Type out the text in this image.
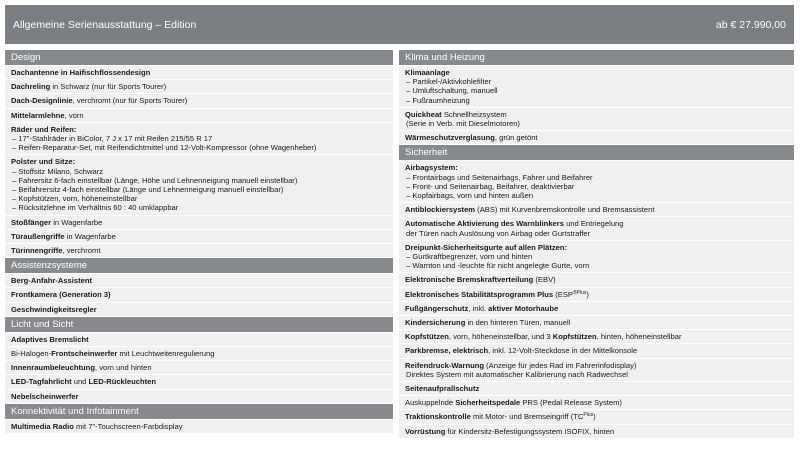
Allgemeine Serienausstattung – Edition	ab € 27.990,00
Design
Dachantenne in Haifischflossendesign
Dachreling in Schwarz (nur für Sports Tourer)
Dach-Designlinie, verchromt (nur für Sports Tourer)
Mittelarmlehne, vorn
Räder und Reifen:
– 17"-Stahlräder in BiColor, 7 J x 17 mit Reifen 215/55 R 17
– Reifen-Reparatur-Set, mit Reifendichtmittel und 12-Volt-Kompressor (ohne Wagenheber)
Polster und Sitze:
– Stoffsitz Milano, Schwarz
– Fahrersitz 6-fach einstellbar (Länge, Höhe und Lehnenneigung manuell einstellbar)
– Beifahrersitz 4-fach einstellbar (Länge und Lehnenneigung manuell einstellbar)
– Kopfstützen, vorn, höheneinstellbar
– Rücksitzlehne im Verhältnis 60 : 40 umklappbar
Stoßfänger in Wagenfarbe
Türaußengriffe in Wagenfarbe
Türinnengriffe, verchromt
Assistenzsysteme
Berg-Anfahr-Assistent
Frontkamera (Generation 3)
Geschwindigkeitsregler
Licht und Sicht
Adaptives Bremslicht
Bi-Halogen-Frontscheinwerfer mit Leuchtweitenregulierung
Innenraumbeleuchtung, vorn und hinten
LED-Tagfahrlicht und LED-Rückleuchten
Nebelscheinwerfer
Konnektivität und Infotainment
Multimedia Radio mit 7"-Touchscreen-Farbdisplay
Klima und Heizung
Klimaanlage
– Partikel-/Aktivkohlefilter
– Umluftschaltung, manuell
– Fußraumheizung
Quickheat Schnellheizsystem
(Serie in Verb. mit Dieselmotoren)
Wärmeschutzverglasung, grün getönt
Sicherheit
Airbagsystem:
– Frontairbags und Seitenairbags, Fahrer und Beifahrer
– Front- und Seitenairbag, Beifahrer, deaktivierbar
– Kopfairbags, vorn und hinten außen
Antiblockiersystem (ABS) mit Kurvenbremskontrolle und Bremsassistent
Automatische Aktivierung des Warnblinkers und Entriegelung
der Türen nach Auslösung von Airbag oder Gurtstraffer
Dreipunkt-Sicherheitsgurte auf allen Plätzen:
– Gurtkraftbegrenzer, vorn und hinten
– Warnton und -leuchte für nicht angelegte Gurte, vorn
Elektronische Bremskraftverteilung (EBV)
Elektronisches Stabilitätsprogramm Plus $(ESP^{®Plus})$
Fußgängerschutz, inkl. aktiver Motorhaube
Kindersicherung in den hinteren Türen, manuell
Kopfstützen, vorn, höheneinstellbar, und 3 Kopfstützen, hinten, höheneinstellbar
Parkbremse, elektrisch, inkl. 12-Volt-Steckdose in der Mittelkonsole
Reifendruck-Warnung (Anzeige für jedes Rad im Fahrerinfodisplay)
Direktes System mit automatischer Kalibrierung nach Radwechsel
Seitenaufprallschutz
Auskuppelnde Sicherheitspedale PRS (Pedal Release System)
Traktionskontrolle mit Motor- und Bremseingriff $(TC^{Plus})$
Vorrüstung für Kindersitz-Befestigungssystem ISOFIX, hinten
